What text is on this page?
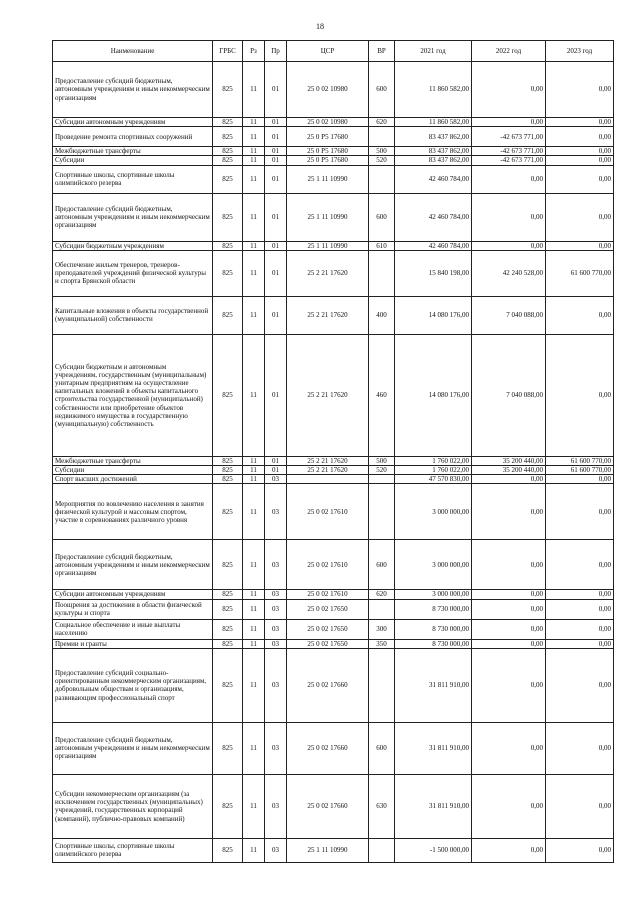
18
Наименование	ГРБС	Рз	Пр	ЦСР	ВР	2021 год	2022 год	2023 год
Предоставление субсидий бюджетным, автономным учреждениям и иным некоммерческим организациям	825	11	01	25 0 02 10980	600	11 860 582,00	0,00	0,00
Субсидии автономным учреждениям	825	11	01	25 0 02 10980	620	11 860 582,00	0,00	0,00
Проведение ремонта спортивных сооружений	825	11	01	25 0 P5 17680		83 437 862,00	-42 673 771,00	0,00
Межбюджетные трансферты	825	11	01	25 0 P5 17680	500	83 437 862,00	-42 673 771,00	0,00
Субсидии	825	11	01	25 0 P5 17680	520	83 437 862,00	-42 673 771,00	0,00
Спортивные школы, спортивные школы олимпийского резерва	825	11	01	25 1 11 10990		42 460 784,00	0,00	0,00
Предоставление субсидий бюджетным, автономным учреждениям и иным некоммерческим организациям	825	11	01	25 1 11 10990	600	42 460 784,00	0,00	0,00
Субсидии бюджетным учреждениям	825	11	01	25 1 11 10990	610	42 460 784,00	0,00	0,00
Обеспечение жильем тренеров, тренеров-преподавателей учреждений физической культуры и спорта Брянской области	825	11	01	25 2 21 17620		15 840 198,00	42 240 528,00	61 600 770,00
Капитальные вложения в объекты государственной (муниципальной) собственности	825	11	01	25 2 21 17620	400	14 080 176,00	7 040 088,00	0,00
Субсидии бюджетным и автономным учреждениям, государственным (муниципальным) унитарным предприятиям на осуществление капитальных вложений в объекты капитального строительства государственной (муниципальной) собственности или приобретение объектов недвижимого имущества в государственную (муниципальную) собственность	825	11	01	25 2 21 17620	460	14 080 176,00	7 040 088,00	0,00
Межбюджетные трансферты	825	11	01	25 2 21 17620	500	1 760 022,00	35 200 440,00	61 600 770,00
Субсидии	825	11	01	25 2 21 17620	520	1 760 022,00	35 200 440,00	61 600 770,00
Спорт высших достижений	825	11	03			47 570 830,00	0,00	0,00
Мероприятия по вовлечению населения в занятия физической культурой и массовым спортом, участие в соревнованиях различного уровня	825	11	03	25 0 02 17610		3 000 000,00	0,00	0,00
Предоставление субсидий бюджетным, автономным учреждениям и иным некоммерческим организациям	825	11	03	25 0 02 17610	600	3 000 000,00	0,00	0,00
Субсидии автономным учреждениям	825	11	03	25 0 02 17610	620	3 000 000,00	0,00	0,00
Поощрения за достижения в области физической культуры и спорта	825	11	03	25 0 02 17650		8 730 000,00	0,00	0,00
Социальное обеспечение и иные выплаты населению	825	11	03	25 0 02 17650	300	8 730 000,00	0,00	0,00
Премии и гранты	825	11	03	25 0 02 17650	350	8 730 000,00	0,00	0,00
Предоставление субсидий социально-ориентированным некоммерческим организациям, добровольным обществам и организациям, развивающим профессиональный спорт	825	11	03	25 0 02 17660		31 811 910,00	0,00	0,00
Предоставление субсидий бюджетным, автономным учреждениям и иным некоммерческим организациям	825	11	03	25 0 02 17660	600	31 811 910,00	0,00	0,00
Субсидии некоммерческим организациям (за исключением государственных (муниципальных) учреждений, государственных корпораций (компаний), публично-правовых компаний)	825	11	03	25 0 02 17660	630	31 811 910,00	0,00	0,00
Спортивные школы, спортивные школы олимпийского резерва	825	11	03	25 1 11 10990		-1 500 000,00	0,00	0,00
